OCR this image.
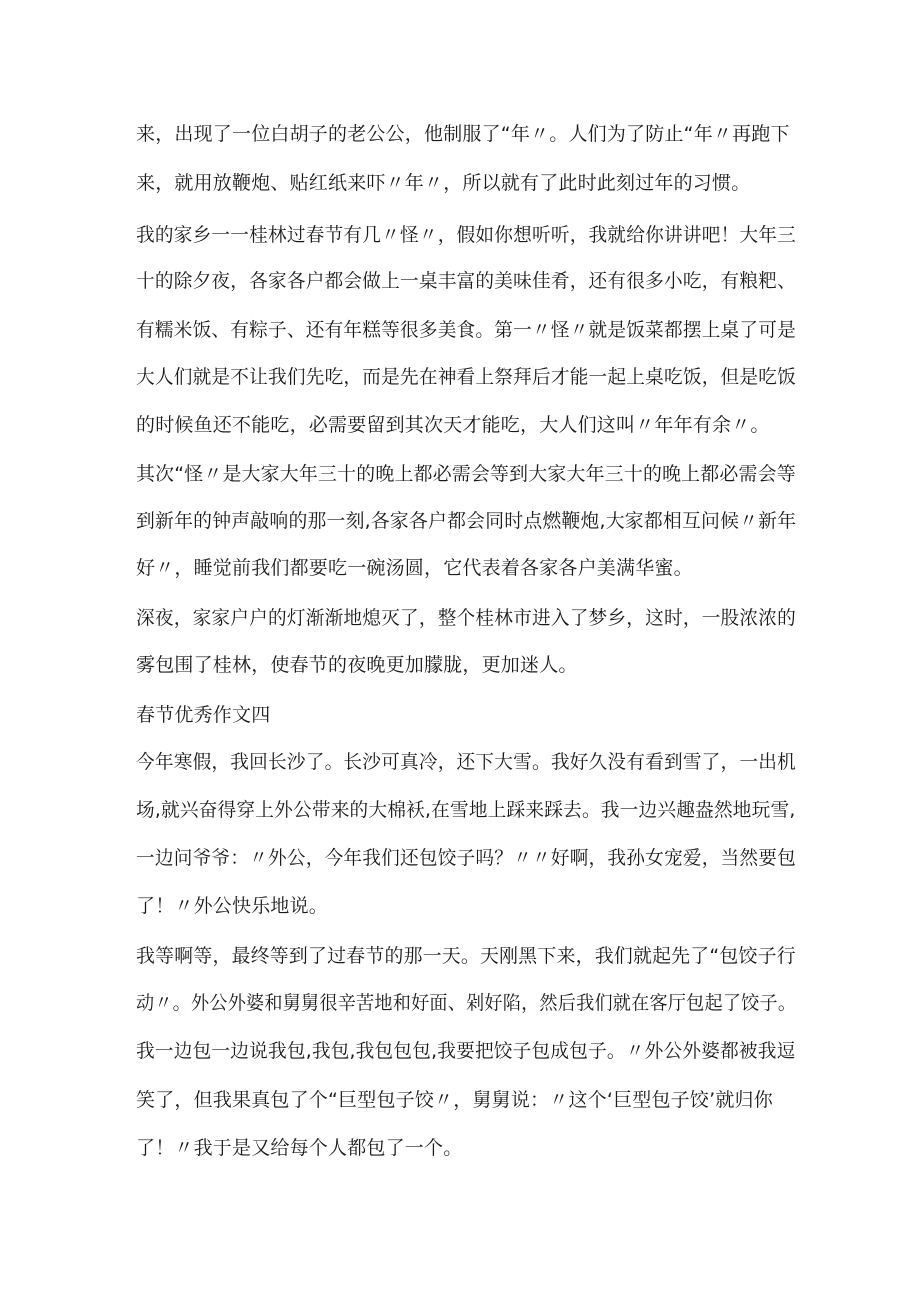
来，出现了一位白胡子的老公公，他制服了“年〃。人们为了防止“年〃再跑下
来，就用放鞭炮、贴红纸来吓〃年〃，所以就有了此时此刻过年的习惯。
我的家乡一一桂林过春节有几〃怪〃，假如你想听听，我就给你讲讲吧！大年三
十的除夕夜，各家各户都会做上一桌丰富的美味佳肴，还有很多小吃，有粮粑、
有糯米饭、有粽子、还有年糕等很多美食。第一〃怪〃就是饭菜都摆上桌了可是
大人们就是不让我们先吃，而是先在神看上祭拜后才能一起上桌吃饭，但是吃饭
的时候鱼还不能吃，必需要留到其次天才能吃，大人们这叫〃年年有余〃。
其次“怪〃是大家大年三十的晚上都必需会等到大家大年三十的晚上都必需会等
到新年的钟声敲响的那一刻,各家各户都会同时点燃鞭炮,大家都相互问候〃新年
好〃，睡觉前我们都要吃一碗汤圆，它代表着各家各户美满华蜜。
深夜，家家户户的灯渐渐地熄灭了，整个桂林市进入了梦乡，这时，一股浓浓的
雾包围了桂林，使春节的夜晚更加朦胧，更加迷人。
春节优秀作文四
今年寒假，我回长沙了。长沙可真冷，还下大雪。我好久没有看到雪了，一出机
场,就兴奋得穿上外公带来的大棉袄,在雪地上踩来踩去。我一边兴趣盎然地玩雪,
一边问爷爷：〃外公，今年我们还包饺子吗？〃〃好啊，我孙女宠爱，当然要包
了！〃外公快乐地说。
我等啊等，最终等到了过春节的那一天。天刚黑下来，我们就起先了“包饺子行
动〃。外公外婆和舅舅很辛苦地和好面、剁好陷，然后我们就在客厅包起了饺子。
我一边包一边说我包,我包,我包包包,我要把饺子包成包子。〃外公外婆都被我逗
笑了，但我果真包了个“巨型包子饺〃，舅舅说：〃这个‘巨型包子饺’就归你
了！〃我于是又给每个人都包了一个。
